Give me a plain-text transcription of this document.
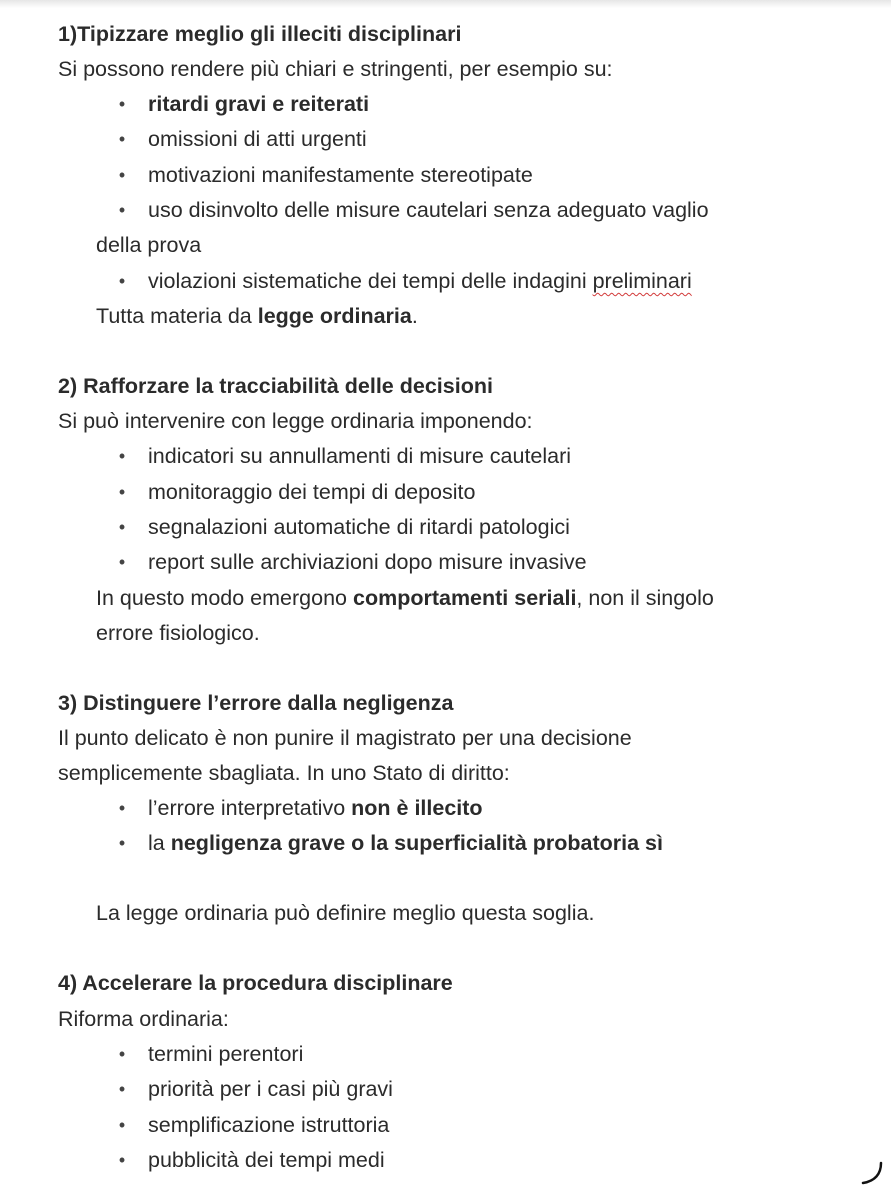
1)Tipizzare meglio gli illeciti disciplinari
Si possono rendere più chiari e stringenti, per esempio su:
•	ritardi gravi e reiterati
•	omissioni di atti urgenti
•	motivazioni manifestamente stereotipate
•	uso disinvolto delle misure cautelari senza adeguato vaglio
della prova
•	violazioni sistematiche dei tempi delle indagini preliminari
Tutta materia da legge ordinaria.
2) Rafforzare la tracciabilità delle decisioni
Si può intervenire con legge ordinaria imponendo:
•	indicatori su annullamenti di misure cautelari
•	monitoraggio dei tempi di deposito
•	segnalazioni automatiche di ritardi patologici
•	report sulle archiviazioni dopo misure invasive
In questo modo emergono comportamenti seriali, non il singolo
errore fisiologico.
3) Distinguere l’errore dalla negligenza
Il punto delicato è non punire il magistrato per una decisione
semplicemente sbagliata. In uno Stato di diritto:
•	l’errore interpretativo non è illecito
•	la negligenza grave o la superficialità probatoria sì
La legge ordinaria può definire meglio questa soglia.
4) Accelerare la procedura disciplinare
Riforma ordinaria:
•	termini perentori
•	priorità per i casi più gravi
•	semplificazione istruttoria
•	pubblicità dei tempi medi
